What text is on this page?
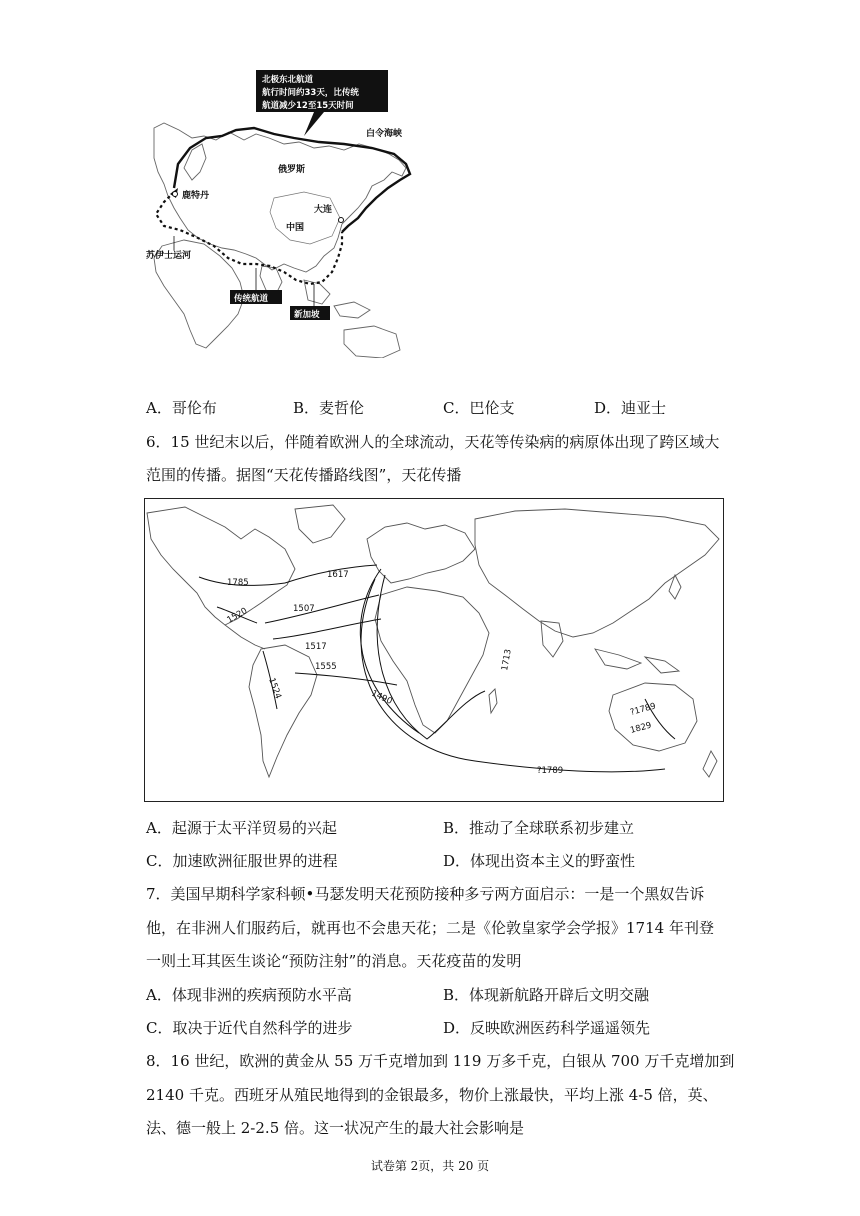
北极东北航道
航行时间约33天，比传统
航道减少12至15天时间
白令海峡
俄罗斯
鹿特丹
大连
中国
苏伊士运河
传统航道
新加坡
A．哥伦布	B．麦哲伦	C．巴伦支	D．迪亚士
6．15 世纪末以后，伴随着欧洲人的全球流动，天花等传染病的病原体出现了跨区域大
范围的传播。据图“天花传播路线图”，天花传播
1785
1617
1507
1520
1517
1555
1524	1490
1713
?1789
1829
?1789
A．起源于太平洋贸易的兴起	B．推动了全球联系初步建立
C．加速欧洲征服世界的进程	D．体现出资本主义的野蛮性
7．美国早期科学家科顿•马瑟发明天花预防接种多亏两方面启示：一是一个黑奴告诉
他，在非洲人们服药后，就再也不会患天花；二是《伦敦皇家学会学报》1714 年刊登
一则土耳其医生谈论“预防注射”的消息。天花疫苗的发明
A．体现非洲的疾病预防水平高	B．体现新航路开辟后文明交融
C．取决于近代自然科学的进步	D．反映欧洲医药科学遥遥领先
8．16 世纪，欧洲的黄金从 55 万千克增加到 119 万多千克，白银从 700 万千克增加到
2140 千克。西班牙从殖民地得到的金银最多，物价上涨最快，平均上涨 4-5 倍，英、
法、德一般上 2-2.5 倍。这一状况产生的最大社会影响是
试卷第 2页，共 20 页
